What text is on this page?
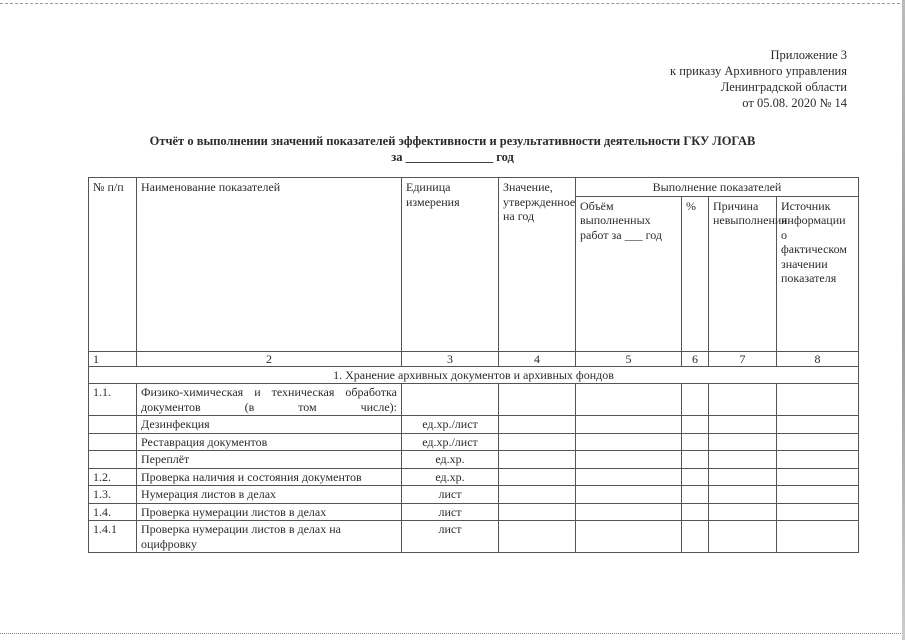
Приложение 3
к приказу Архивного управления
Ленинградской области
от 05.08. 2020 № 14
Отчёт о выполнении значений показателей эффективности и результативности деятельности ГКУ ЛОГАВ
за ______________ год
№ п/п	Наименование показателей	Единица измерения	Значение, утвержденное на год	Выполнение показателей			
				Объём выполненных работ за ___ год	%	Причина невыполнения	Источник информации о фактическом значении показателя
1	2	3	4	5	6	7	8
1. Хранение архивных документов и архивных фондов							
1.1.	Физико-химическая и техническая обработка документов (в том числе):						
	Дезинфекция	ед.хр./лист					
	Реставрация документов	ед.хр./лист					
	Переплёт	ед.хр.					
1.2.	Проверка наличия и состояния документов	ед.хр.					
1.3.	Нумерация листов в делах	лист					
1.4.	Проверка нумерации листов в делах	лист					
1.4.1	Проверка нумерации листов в делах на оцифровку	лист					
